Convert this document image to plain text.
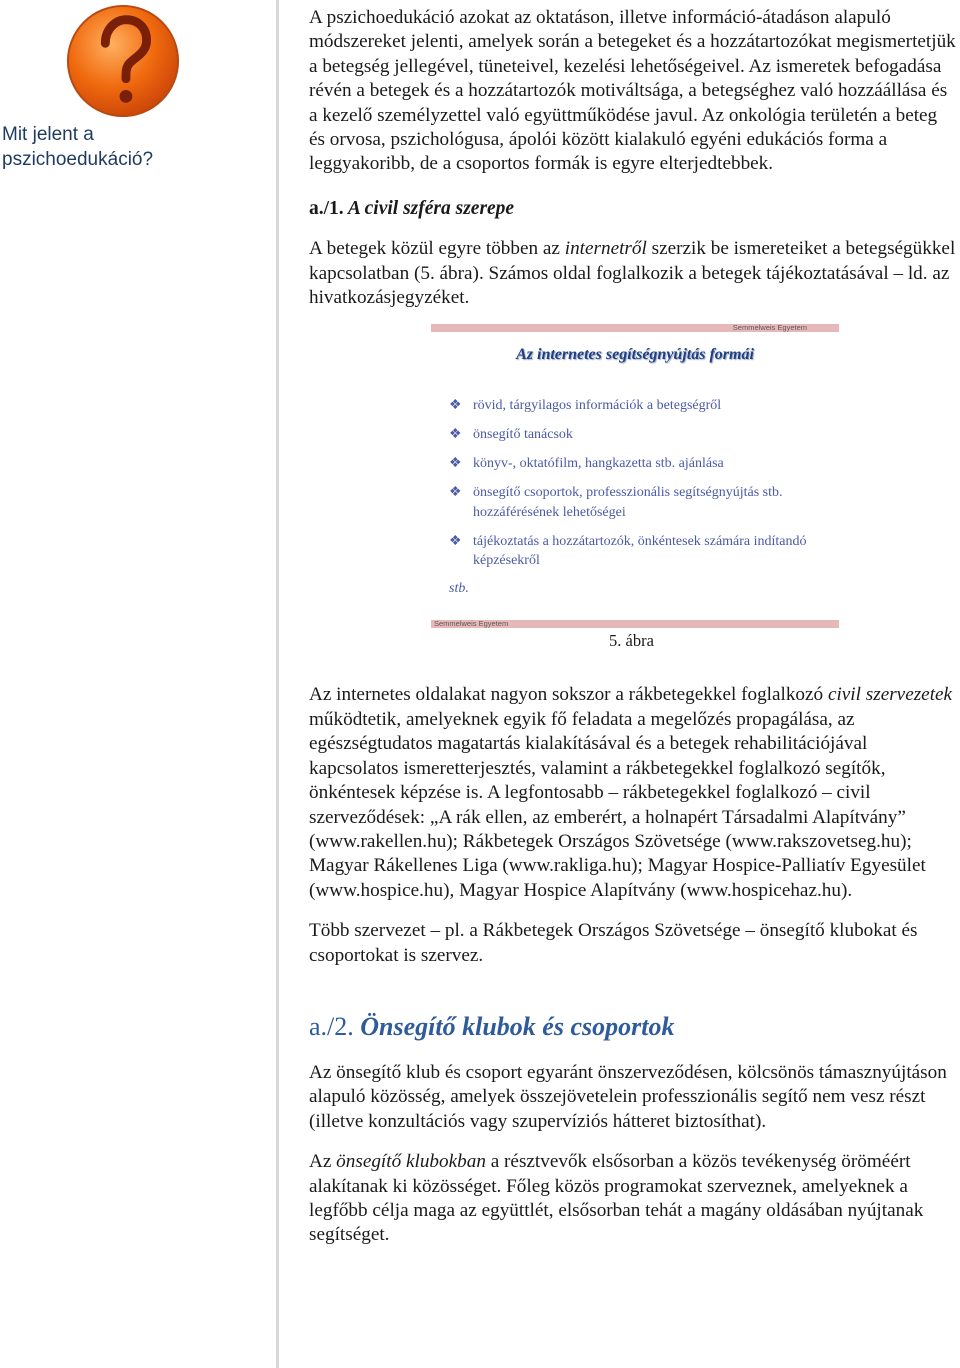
Mit jelent a
pszichoedukáció?

A pszichoedukáció azokat az oktatáson, illetve információ-átadáson alapuló módszereket jelenti, amelyek során a betegeket és a hozzátartozókat megismertetjük a betegség jellegével, tüneteivel, kezelési lehetőségeivel. Az ismeretek befogadása révén a betegek és a hozzátartozók motiváltsága, a betegséghez való hozzáállása és a kezelő személyzettel való együttműködése javul. Az onkológia területén a beteg és orvosa, pszichológusa, ápolói között kialakuló egyéni edukációs forma a leggyakoribb, de a csoportos formák is egyre elterjedtebbek.

a./1. A civil szféra szerepe

A betegek közül egyre többen az internetről szerzik be ismereteiket a betegségükkel kapcsolatban (5. ábra). Számos oldal foglalkozik a betegek tájékoztatásával – ld. az hivatkozásjegyzéket.

Semmelweis Egyetem
Az internetes segítségnyújtás formái
❖ rövid, tárgyilagos információk a betegségről
❖ önsegítő tanácsok
❖ könyv-, oktatófilm, hangkazetta stb. ajánlása
❖ önsegítő csoportok, professzionális segítségnyújtás stb. hozzáférésének lehetőségei
❖ tájékoztatás a hozzátartozók, önkéntesek számára indítandó képzésekről
stb.
Semmelweis Egyetem
5. ábra

Az internetes oldalakat nagyon sokszor a rákbetegekkel foglalkozó civil szervezetek működtetik, amelyeknek egyik fő feladata a megelőzés propagálása, az egészségtudatos magatartás kialakításával és a betegek rehabilitációjával kapcsolatos ismeretterjesztés, valamint a rákbetegekkel foglalkozó segítők, önkéntesek képzése is. A legfontosabb – rákbetegekkel foglalkozó – civil szerveződések: „A rák ellen, az emberért, a holnapért Társadalmi Alapítvány” (www.rakellen.hu); Rákbetegek Országos Szövetsége (www.rakszovetseg.hu); Magyar Rákellenes Liga (www.rakliga.hu); Magyar Hospice-Palliatív Egyesület (www.hospice.hu), Magyar Hospice Alapítvány (www.hospicehaz.hu).

Több szervezet – pl. a Rákbetegek Országos Szövetsége – önsegítő klubokat és csoportokat is szervez.

a./2. Önsegítő klubok és csoportok

Az önsegítő klub és csoport egyaránt önszerveződésen, kölcsönös támasznyújtáson alapuló közösség, amelyek összejövetelein professzionális segítő nem vesz részt (illetve konzultációs vagy szupervíziós hátteret biztosíthat).

Az önsegítő klubokban a résztvevők elsősorban a közös tevékenység öröméért alakítanak ki közösséget. Főleg közös programokat szerveznek, amelyeknek a legfőbb célja maga az együttlét, elsősorban tehát a magány oldásában nyújtanak segítséget.
